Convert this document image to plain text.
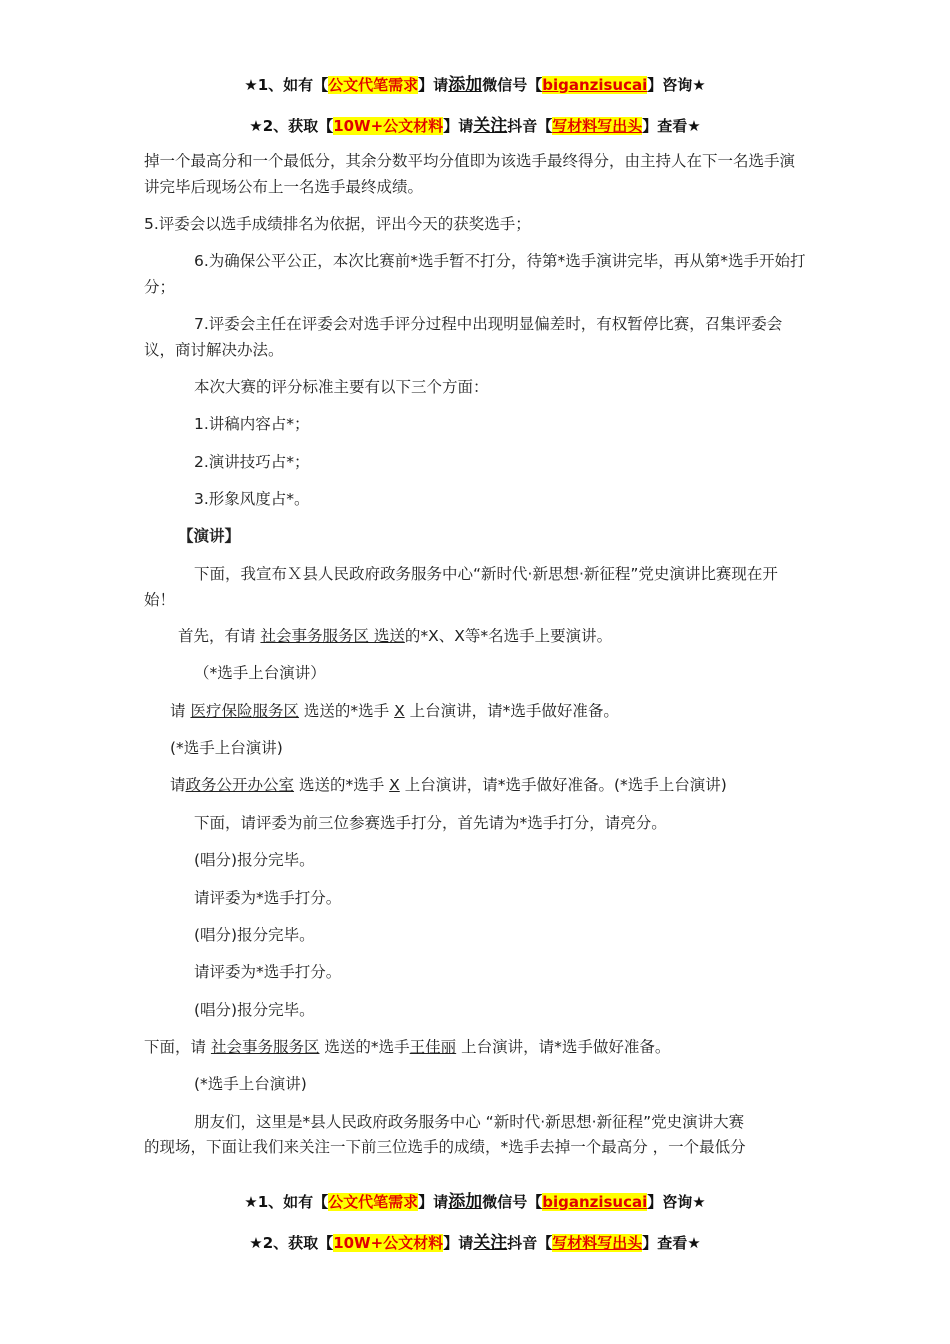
★1、如有【公文代笔需求】请添加微信号【biganzisucai】咨询★
★2、获取【10W+公文材料】请关注抖音【写材料写出头】查看★
掉一个最高分和一个最低分，其余分数平均分值即为该选手最终得分，由主持人在下一名选手演讲完毕后现场公布上一名选手最终成绩。
5.评委会以选手成绩排名为依据，评出今天的获奖选手；
6.为确保公平公正，本次比赛前*选手暂不打分，待第*选手演讲完毕，再从第*选手开始打分；
7.评委会主任在评委会对选手评分过程中出现明显偏差时，有权暂停比赛，召集评委会议，商讨解决办法。
本次大赛的评分标准主要有以下三个方面：
1.讲稿内容占*；
2.演讲技巧占*；
3.形象风度占*。
【演讲】
下面，我宣布Ｘ县人民政府政务服务中心“新时代·新思想·新征程”党史演讲比赛现在开始！
首先，有请 社会事务服务区 选送的*X、X等*名选手上要演讲。
（*选手上台演讲）
请 医疗保险服务区 选送的*选手 X 上台演讲，请*选手做好准备。
(*选手上台演讲)
请政务公开办公室 选送的*选手 X 上台演讲，请*选手做好准备。(*选手上台演讲)
下面，请评委为前三位参赛选手打分，首先请为*选手打分，请亮分。
(唱分)报分完毕。
请评委为*选手打分。
(唱分)报分完毕。
请评委为*选手打分。
(唱分)报分完毕。
下面，请 社会事务服务区 选送的*选手王佳丽 上台演讲，请*选手做好准备。
(*选手上台演讲)
朋友们，这里是*县人民政府政务服务中心 “新时代·新思想·新征程”党史演讲大赛
的现场，下面让我们来关注一下前三位选手的成绩，*选手去掉一个最高分 ，一个最低分
★1、如有【公文代笔需求】请添加微信号【biganzisucai】咨询★
★2、获取【10W+公文材料】请关注抖音【写材料写出头】查看★
